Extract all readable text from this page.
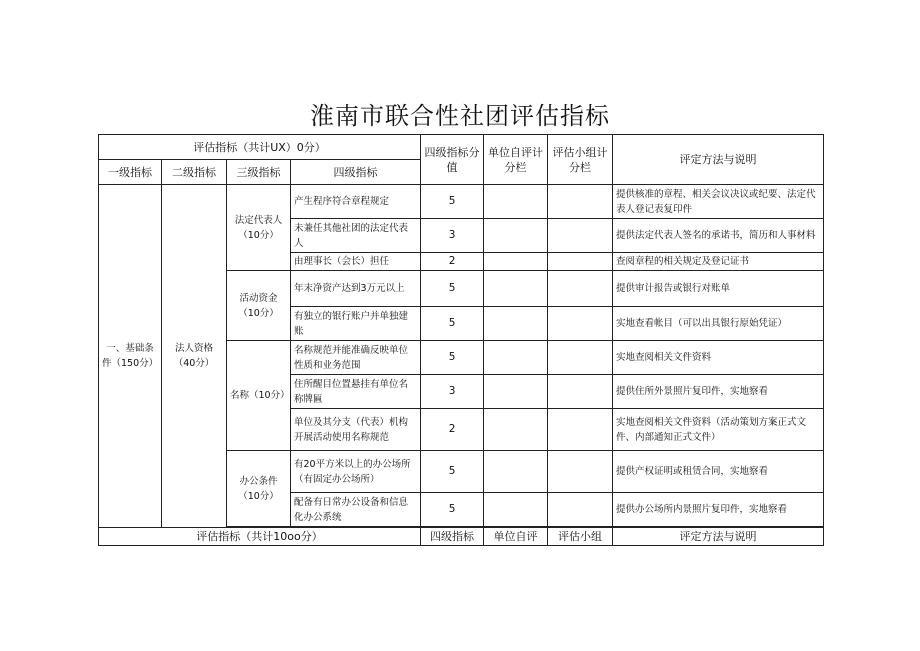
淮南市联合性社团评估指标
评估指标（共计UX）0分）				四级指标分值	单位自评计分栏	评估小组计分栏	评定方法与说明
一级指标	二级指标	三级指标	四级指标				
一、基础条件（150分）	法人资格（40分）	法定代表人（10分）	产生程序符合章程规定	5			提供核准的章程、相关会议决议或纪要、法定代表人登记表复印件
			未兼任其他社团的法定代表人	3			提供法定代表人签名的承诺书，简历和人事材料
			由理事长（会长）担任	2			查阅章程的相关规定及登记证书
		活动资金（10分）	年末净资产达到3万元以上	5			提供审计报告或银行对账单
			有独立的银行账户并单独建账	5			实地查看帐目（可以出具银行原始凭证）
		名称（10分）	名称规范并能准确反映单位性质和业务范围	5			实地查阅相关文件资料
			住所醒目位置悬挂有单位名称牌匾	3			提供住所外景照片复印件，实地察看
			单位及其分支（代表）机构开展活动使用名称规范	2			实地查阅相关文件资料（活动策划方案正式文件、内部通知正式文件）
		办公条件（10分）	有20平方米以上的办公场所（有固定办公场所）	5			提供产权证明或租赁合同，实地察看
			配备有日常办公设备和信息化办公系统	5			提供办公场所内景照片复印件，实地察看

评估指标（共计10oo分）				四级指标	单位自评	评估小组	评定方法与说明
